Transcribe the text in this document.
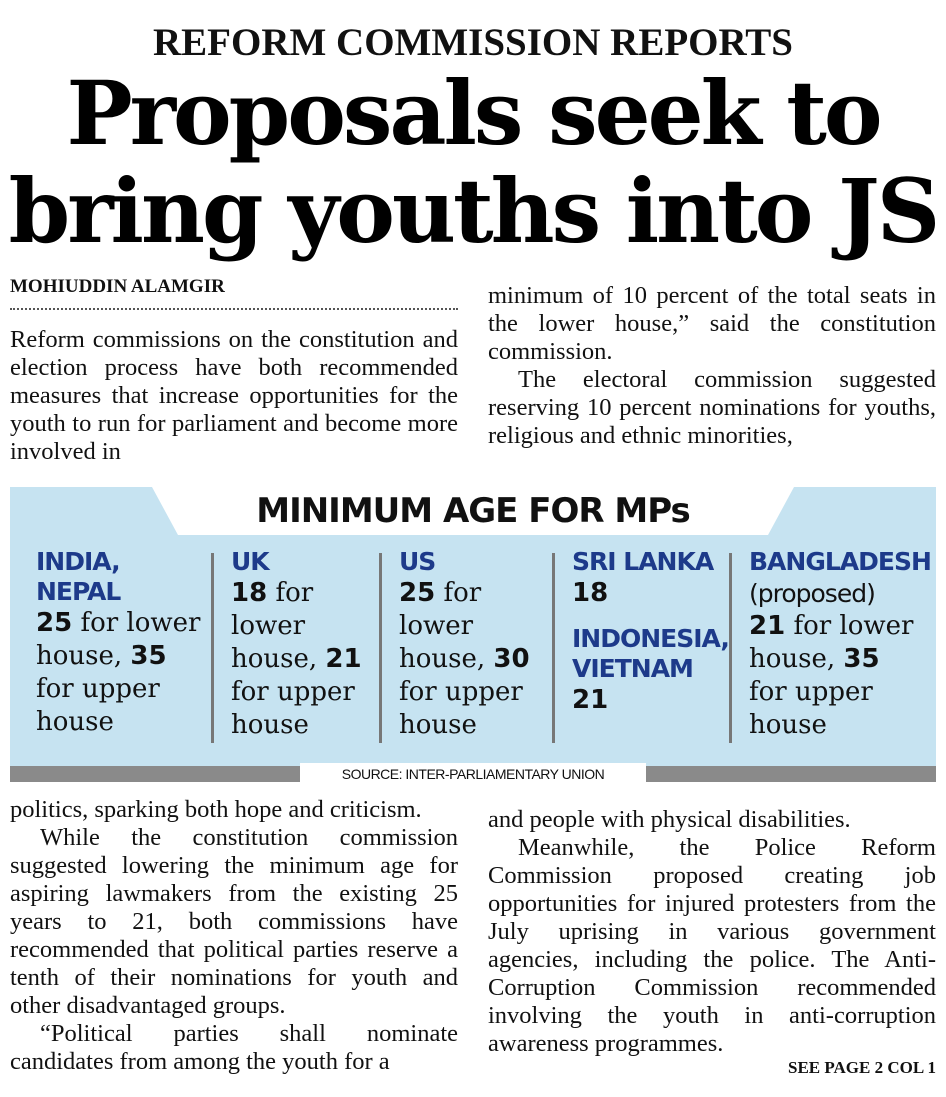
REFORM COMMISSION REPORTS
Proposals seek to
bring youths into JS
MOHIUDDIN ALAMGIR

Reform commissions on the constitution and election process have both recommended measures that increase opportunities for the youth to run for parliament and become more involved in

minimum of 10 percent of the total seats in the lower house,” said the constitution commission.

The electoral commission suggested reserving 10 percent nominations for youths, religious and ethnic minorities,

MINIMUM AGE FOR MPs
INDIA, NEPAL
25 for lower house, 35 for upper house
UK
18 for lower house, 21 for upper house
US
25 for lower house, 30 for upper house
SRI LANKA
18
INDONESIA, VIETNAM
21
BANGLADESH
(proposed)
21 for lower house, 35 for upper house
SOURCE: INTER-PARLIAMENTARY UNION

politics, sparking both hope and criticism.

While the constitution commission suggested lowering the minimum age for aspiring lawmakers from the existing 25 years to 21, both commissions have recommended that political parties reserve a tenth of their nominations for youth and other disadvantaged groups.

“Political parties shall nominate candidates from among the youth for a

and people with physical disabilities.

Meanwhile, the Police Reform Commission proposed creating job opportunities for injured protesters from the July uprising in various government agencies, including the police. The Anti-Corruption Commission recommended involving the youth in anti-corruption awareness programmes.

SEE PAGE 2 COL 1
